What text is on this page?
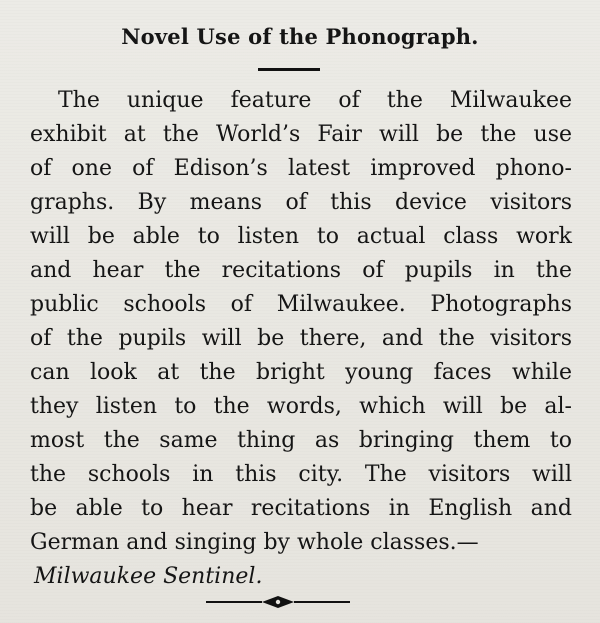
Novel Use of the Phonograph.
The unique feature of the Milwaukee
exhibit at the World’s Fair will be the use
of one of Edison’s latest improved phono-
graphs. By means of this device visitors
will be able to listen to actual class work
and hear the recitations of pupils in the
public schools of Milwaukee. Photographs
of the pupils will be there, and the visitors
can look at the bright young faces while
they listen to the words, which will be al-
most the same thing as bringing them to
the schools in this city. The visitors will
be able to hear recitations in English and
German and singing by whole classes.—
Milwaukee Sentinel.
